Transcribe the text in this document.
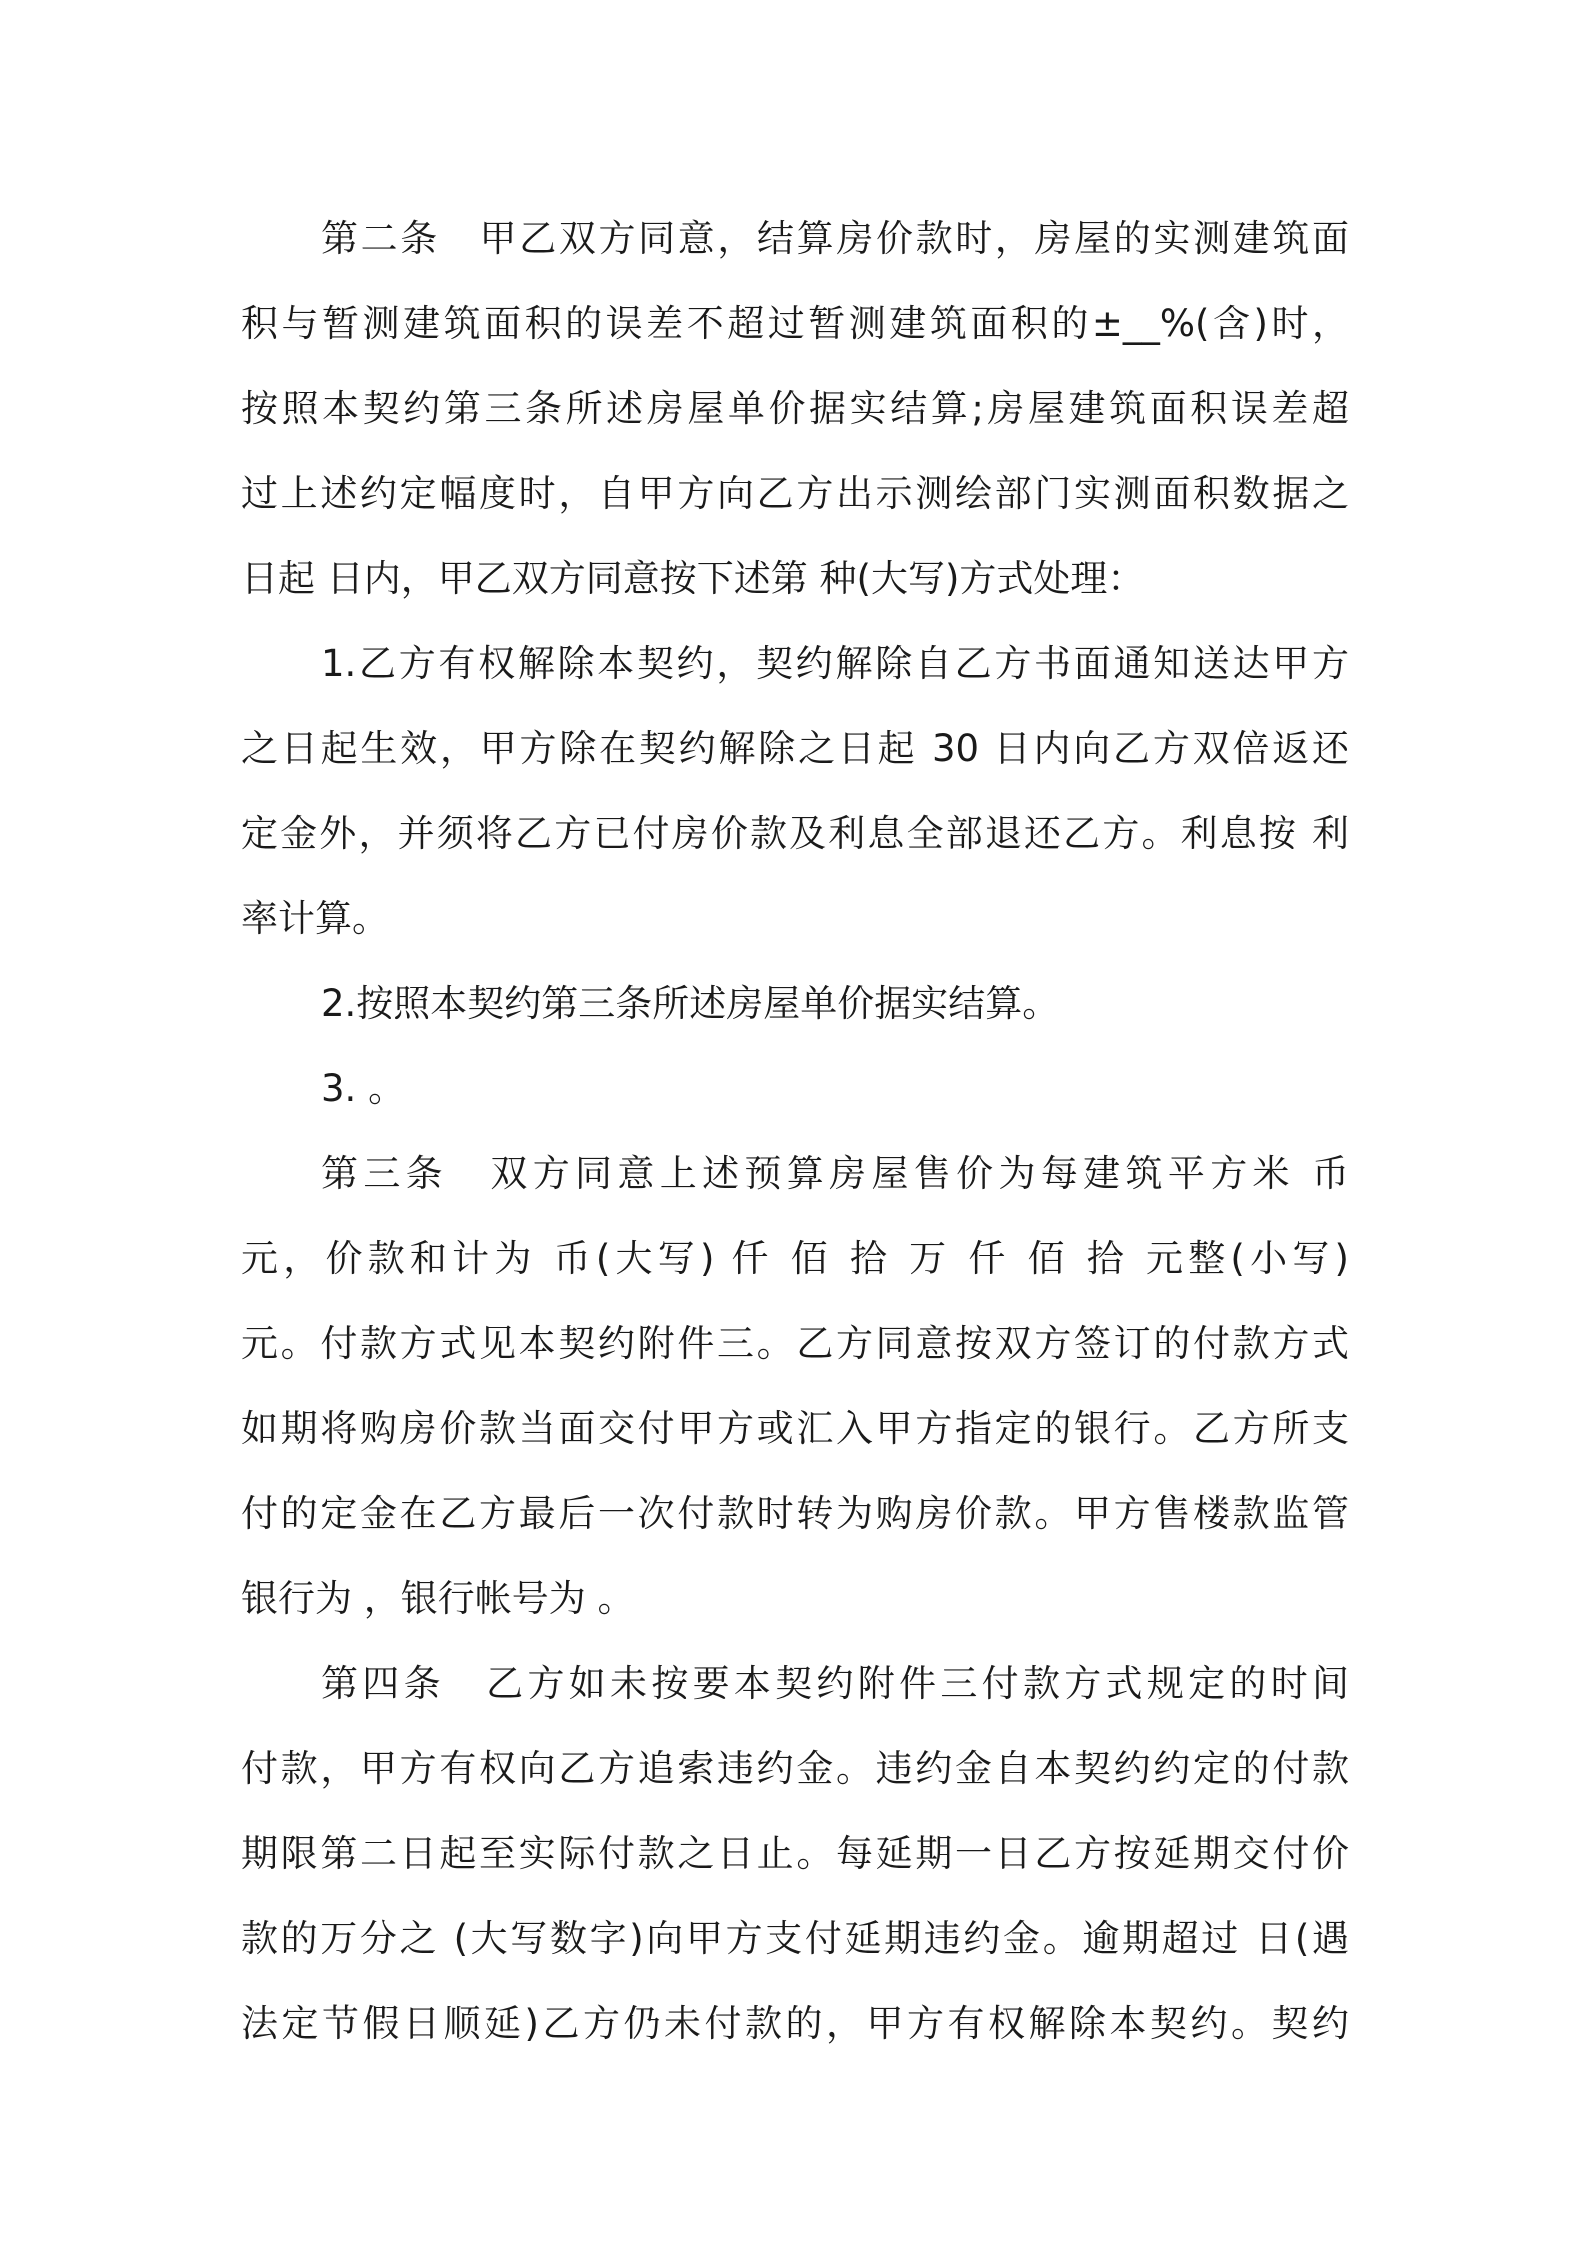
第二条　甲乙双方同意，结算房价款时，房屋的实测建筑面
积与暂测建筑面积的误差不超过暂测建筑面积的±__%(含)时，
按照本契约第三条所述房屋单价据实结算;房屋建筑面积误差超
过上述约定幅度时，自甲方向乙方出示测绘部门实测面积数据之
日起 日内，甲乙双方同意按下述第 种(大写)方式处理：
1.乙方有权解除本契约，契约解除自乙方书面通知送达甲方
之日起生效，甲方除在契约解除之日起 30 日内向乙方双倍返还
定金外，并须将乙方已付房价款及利息全部退还乙方。利息按 利
率计算。
2.按照本契约第三条所述房屋单价据实结算。
3. 。
第三条　双方同意上述预算房屋售价为每建筑平方米 币
元，价款和计为 币(大写) 仟 佰 拾 万 仟 佰 拾 元整(小写)
元。付款方式见本契约附件三。乙方同意按双方签订的付款方式
如期将购房价款当面交付甲方或汇入甲方指定的银行。乙方所支
付的定金在乙方最后一次付款时转为购房价款。甲方售楼款监管
银行为 ，银行帐号为 。
第四条　乙方如未按要本契约附件三付款方式规定的时间
付款，甲方有权向乙方追索违约金。违约金自本契约约定的付款
期限第二日起至实际付款之日止。每延期一日乙方按延期交付价
款的万分之 (大写数字)向甲方支付延期违约金。逾期超过 日(遇
法定节假日顺延)乙方仍未付款的，甲方有权解除本契约。契约
